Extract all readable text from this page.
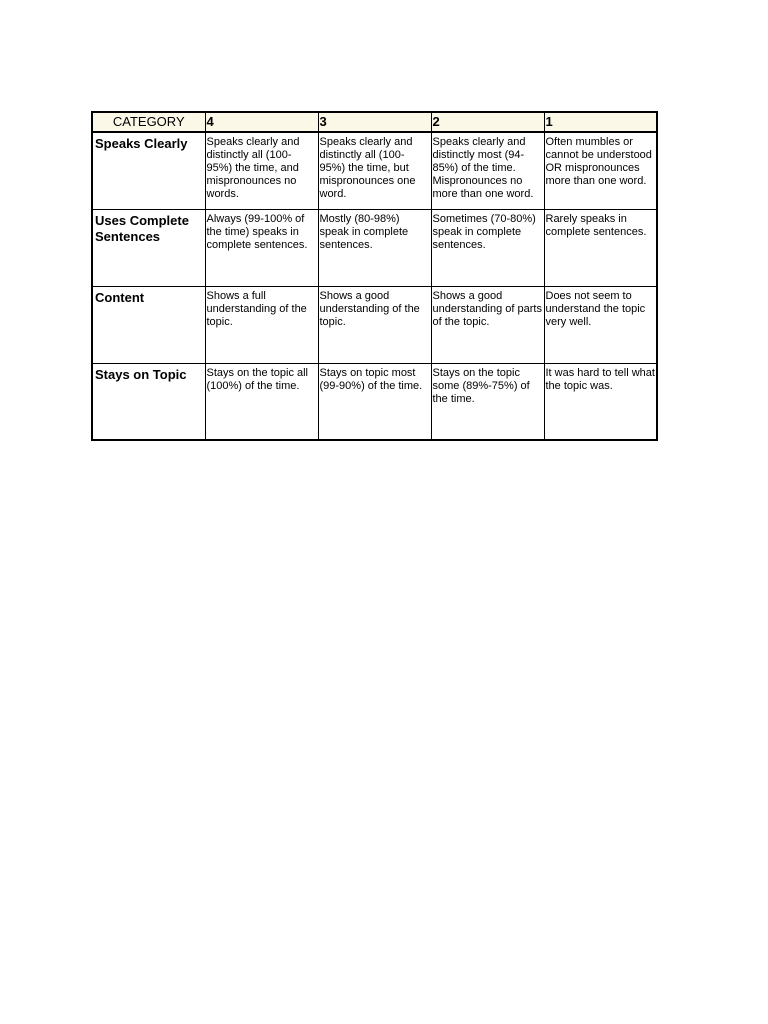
CATEGORY	4	3	2	1
Speaks Clearly	Speaks clearly and distinctly all (100-95%) the time, and mispronounces no words.	Speaks clearly and distinctly all (100-95%) the time, but mispronounces one word.	Speaks clearly and distinctly most (94-85%) of the time. Mispronounces no more than one word.	Often mumbles or cannot be understood OR mispronounces more than one word.
Uses Complete Sentences	Always (99-100% of the time) speaks in complete sentences.	Mostly (80-98%) speak in complete sentences.	Sometimes (70-80%) speak in complete sentences.	Rarely speaks in complete sentences.
Content	Shows a full understanding of the topic.	Shows a good understanding of the topic.	Shows a good understanding of parts of the topic.	Does not seem to understand the topic very well.
Stays on Topic	Stays on the topic all (100%) of the time.	Stays on topic most (99-90%) of the time.	Stays on the topic some (89%-75%) of the time.	It was hard to tell what the topic was.
